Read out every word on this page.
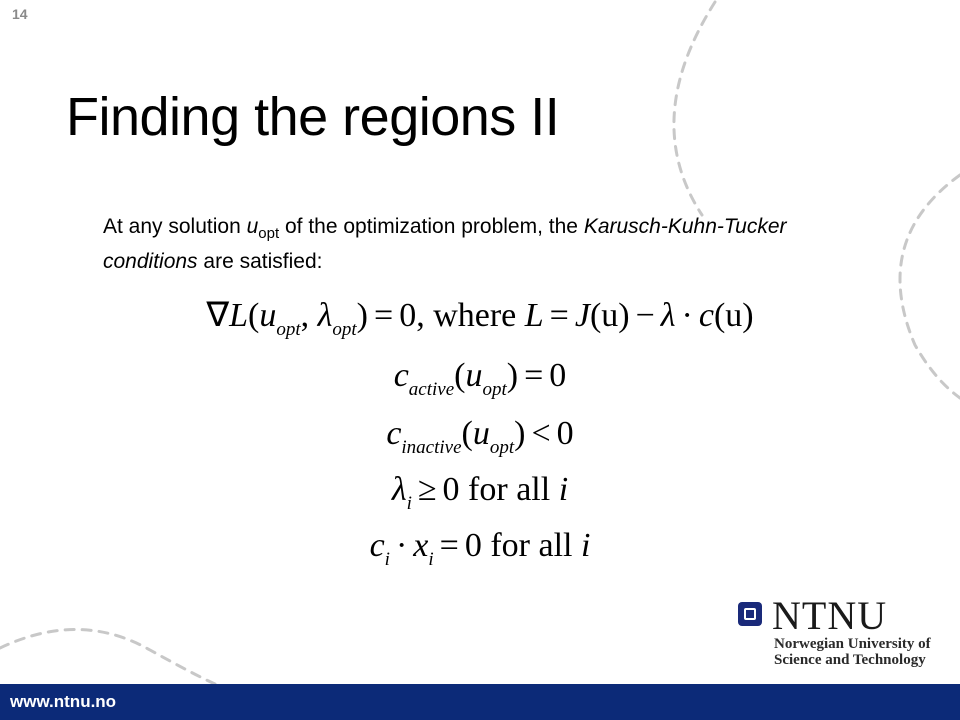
14
Finding the regions II
At any solution $u_{opt}$ of the optimization problem, the Karusch-Kuhn-Tucker conditions are satisfied:
$\nabla L(u_{opt}$, $\lambda_{opt}) = 0$, where L = J(u) − λ · c(u)
$c_{active}(u_{opt}) = 0$
$c_{inactive}(u_{opt}) < 0$
$\lambda_i \ge 0$ for all i
$c_i \cdot x_i = 0$ for all i
NTNU
Norwegian University of
Science and Technology
www.ntnu.no
